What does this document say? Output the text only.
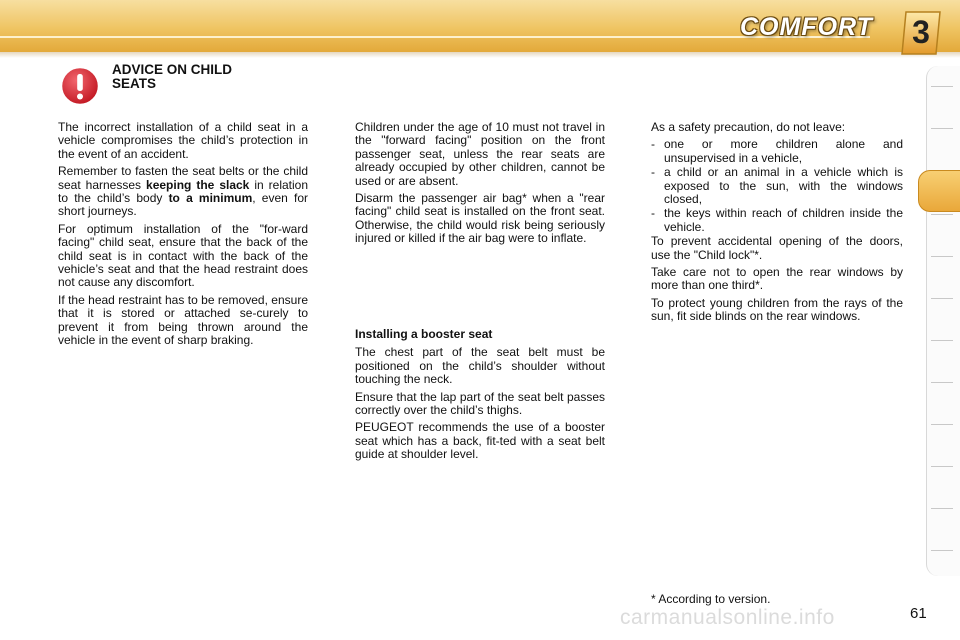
COMFORT	3
ADVICE ON CHILD
SEATS

The incorrect installation of a child seat in a vehicle compromises the child’s protection in the event of an accident.

Remember to fasten the seat belts or the child seat harnesses keeping the slack in relation to the child’s body to a minimum, even for short journeys.

For optimum installation of the "for-ward facing" child seat, ensure that the back of the child seat is in contact with the back of the vehicle’s seat and that the head restraint does not cause any discomfort.

If the head restraint has to be removed, ensure that it is stored or attached se-curely to prevent it from being thrown around the vehicle in the event of sharp braking.

Children under the age of 10 must not travel in the "forward facing" position on the front passenger seat, unless the rear seats are already occupied by other children, cannot be used or are absent.

Disarm the passenger air bag* when a "rear facing" child seat is installed on the front seat. Otherwise, the child would risk being seriously injured or killed if the air bag were to inflate.

Installing a booster seat

The chest part of the seat belt must be positioned on the child’s shoulder without touching the neck.

Ensure that the lap part of the seat belt passes correctly over the child’s thighs.

PEUGEOT recommends the use of a booster seat which has a back, fit-ted with a seat belt guide at shoulder level.

As a safety precaution, do not leave:

- one or more children alone and unsupervised in a vehicle,
- a child or an animal in a vehicle which is exposed to the sun, with the windows closed,
- the keys within reach of children inside the vehicle.

To prevent accidental opening of the doors, use the "Child lock"*.

Take care not to open the rear windows by more than one third*.

To protect young children from the rays of the sun, fit side blinds on the rear windows.

* According to version.
carmanualsonline.info	61
